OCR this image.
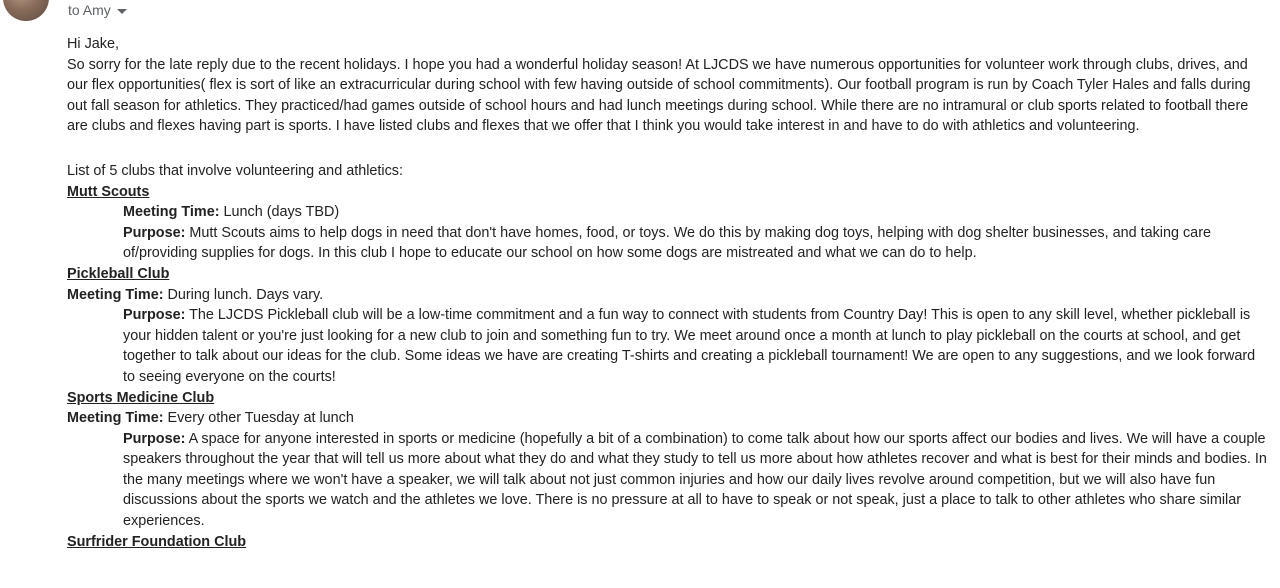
to Amy

Hi Jake,

So sorry for the late reply due to the recent holidays. I hope you had a wonderful holiday season! At LJCDS we have numerous opportunities for volunteer work through clubs, drives, and our flex opportunities( flex is sort of like an extracurricular during school with few having outside of school commitments). Our football program is run by Coach Tyler Hales and falls during out fall season for athletics. They practiced/had games outside of school hours and had lunch meetings during school. While there are no intramural or club sports related to football there are clubs and flexes having part is sports. I have listed clubs and flexes that we offer that I think you would take interest in and have to do with athletics and volunteering.

List of 5 clubs that involve volunteering and athletics:

Mutt Scouts

Meeting Time: Lunch (days TBD)

Purpose: Mutt Scouts aims to help dogs in need that don't have homes, food, or toys. We do this by making dog toys, helping with dog shelter businesses, and taking care of/providing supplies for dogs. In this club I hope to educate our school on how some dogs are mistreated and what we can do to help.

Pickleball Club

Meeting Time: During lunch. Days vary.

Purpose: The LJCDS Pickleball club will be a low-time commitment and a fun way to connect with students from Country Day! This is open to any skill level, whether pickleball is your hidden talent or you're just looking for a new club to join and something fun to try. We meet around once a month at lunch to play pickleball on the courts at school, and get together to talk about our ideas for the club. Some ideas we have are creating T-shirts and creating a pickleball tournament! We are open to any suggestions, and we look forward to seeing everyone on the courts!

Sports Medicine Club

Meeting Time: Every other Tuesday at lunch

Purpose: A space for anyone interested in sports or medicine (hopefully a bit of a combination) to come talk about how our sports affect our bodies and lives. We will have a couple speakers throughout the year that will tell us more about what they do and what they study to tell us more about how athletes recover and what is best for their minds and bodies. In the many meetings where we won't have a speaker, we will talk about not just common injuries and how our daily lives revolve around competition, but we will also have fun discussions about the sports we watch and the athletes we love. There is no pressure at all to have to speak or not speak, just a place to talk to other athletes who share similar experiences.

Surfrider Foundation Club
